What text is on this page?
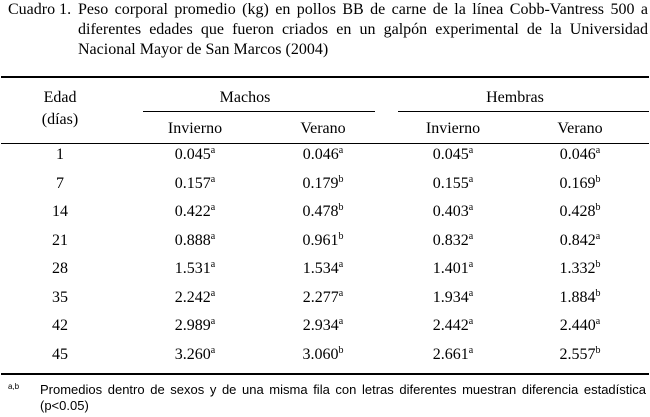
Cuadro 1. Peso corporal promedio (kg) en pollos BB de carne de la línea Cobb-Vantress 500 a diferentes edades que fueron criados en un galpón experimental de la Universidad Nacional Mayor de San Marcos (2004)
Edad
(días)
Machos	Hembras
Invierno	Verano	Invierno	Verano
1	0.045$^a$	0.046$^a$	0.045$^a$	0.046$^a$
7	0.157$^a$	0.179$^b$	0.155$^a$	0.169$^b$
14	0.422$^a$	0.478$^b$	0.403$^a$	0.428$^b$
21	0.888$^a$	0.961$^b$	0.832$^a$	0.842$^a$
28	1.531$^a$	1.534$^a$	1.401$^a$	1.332$^b$
35	2.242$^a$	2.277$^a$	1.934$^a$	1.884$^b$
42	2.989$^a$	2.934$^a$	2.442$^a$	2.440$^a$
45	3.260$^a$	3.060$^b$	2.661$^a$	2.557$^b$
a,b Promedios dentro de sexos y de una misma fila con letras diferentes muestran diferencia estadística (p<0.05)
